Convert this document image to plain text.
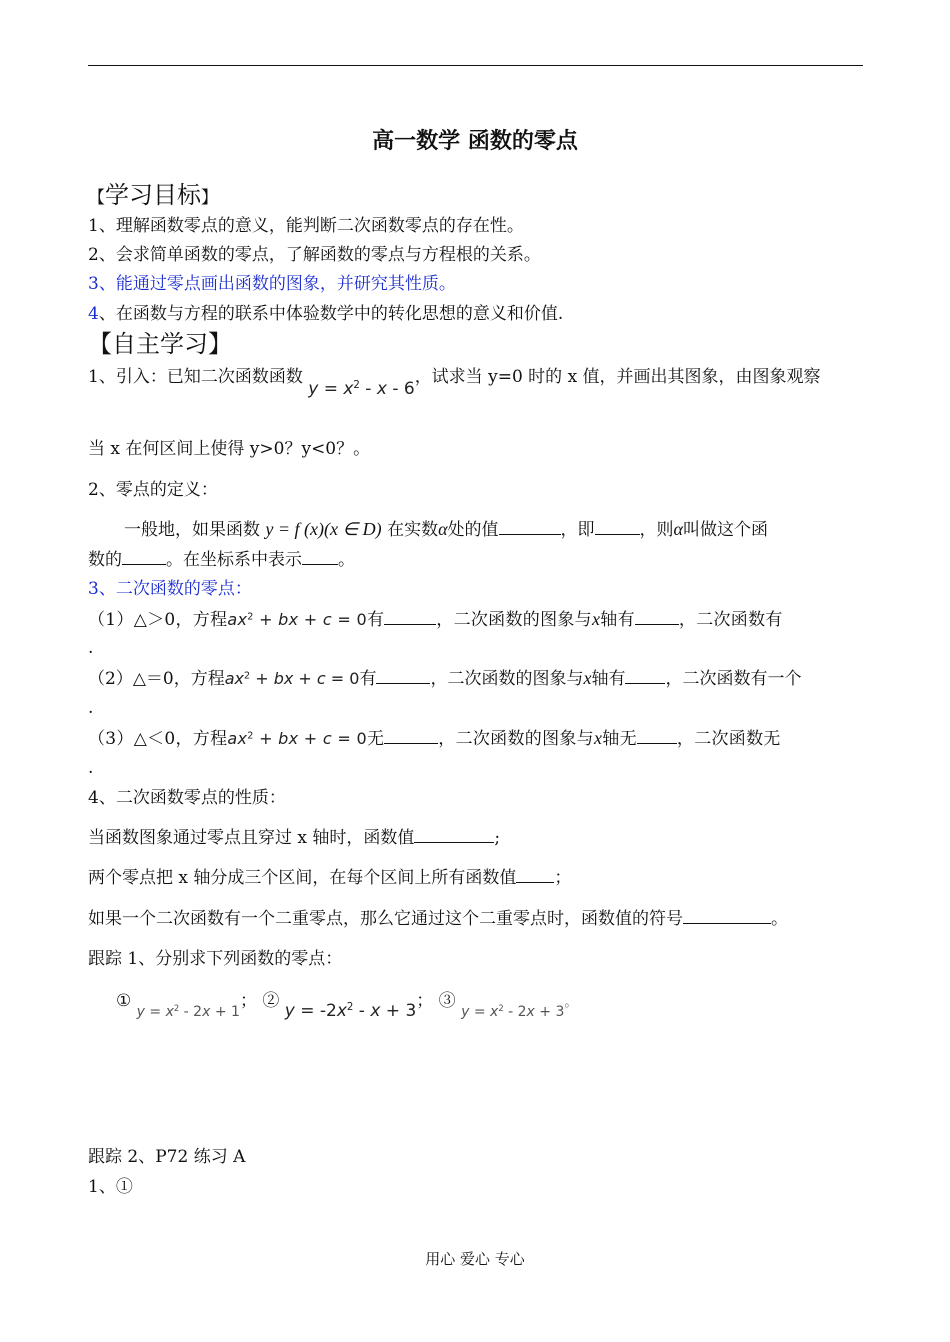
高一数学 函数的零点
【学习目标】
1、理解函数零点的意义，能判断二次函数零点的存在性。
2、会求简单函数的零点，了解函数的零点与方程根的关系。
3、能通过零点画出函数的图象，并研究其性质。
4、在函数与方程的联系中体验数学中的转化思想的意义和价值.
【自主学习】
1、引入：已知二次函数函数 $y = x^2 - x - 6$，试求当 y=0 时的 x 值，并画出其图象，由图象观察
当 x 在何区间上使得 y>0？y<0？。
2、零点的定义：
一般地，如果函数 y = f (x)(x ∈ D) 在实数α处的值	，即	，则α叫做这个函
数的	。在坐标系中表示 。
3、二次函数的零点：
（1）△＞0，方程$ax^2$ + bx + c = 0有	，二次函数的图象与x轴有	，二次函数有
.
（2）△＝0，方程$ax^2$ + bx + c = 0有	，二次函数的图象与x轴有 ，二次函数有一个
.
（3）△＜0，方程$ax^2$ + bx + c = 0无	，二次函数的图象与x轴无 ，二次函数无
.
4、二次函数零点的性质：
当函数图象通过零点且穿过 x 轴时，函数值	;
两个零点把 x 轴分成三个区间，在每个区间上所有函数值 ；
如果一个二次函数有一个二重零点，那么它通过这个二重零点时，函数值的符号	。
跟踪 1、分别求下列函数的零点：
① $_{y = x^2 - 2x + 1}$； ② $y = -2x^2 - x + 3$； ③ $_{y = x^2 - 2x + 3}$。
跟踪 2、P72 练习 A
1、①
用心 爱心 专心
